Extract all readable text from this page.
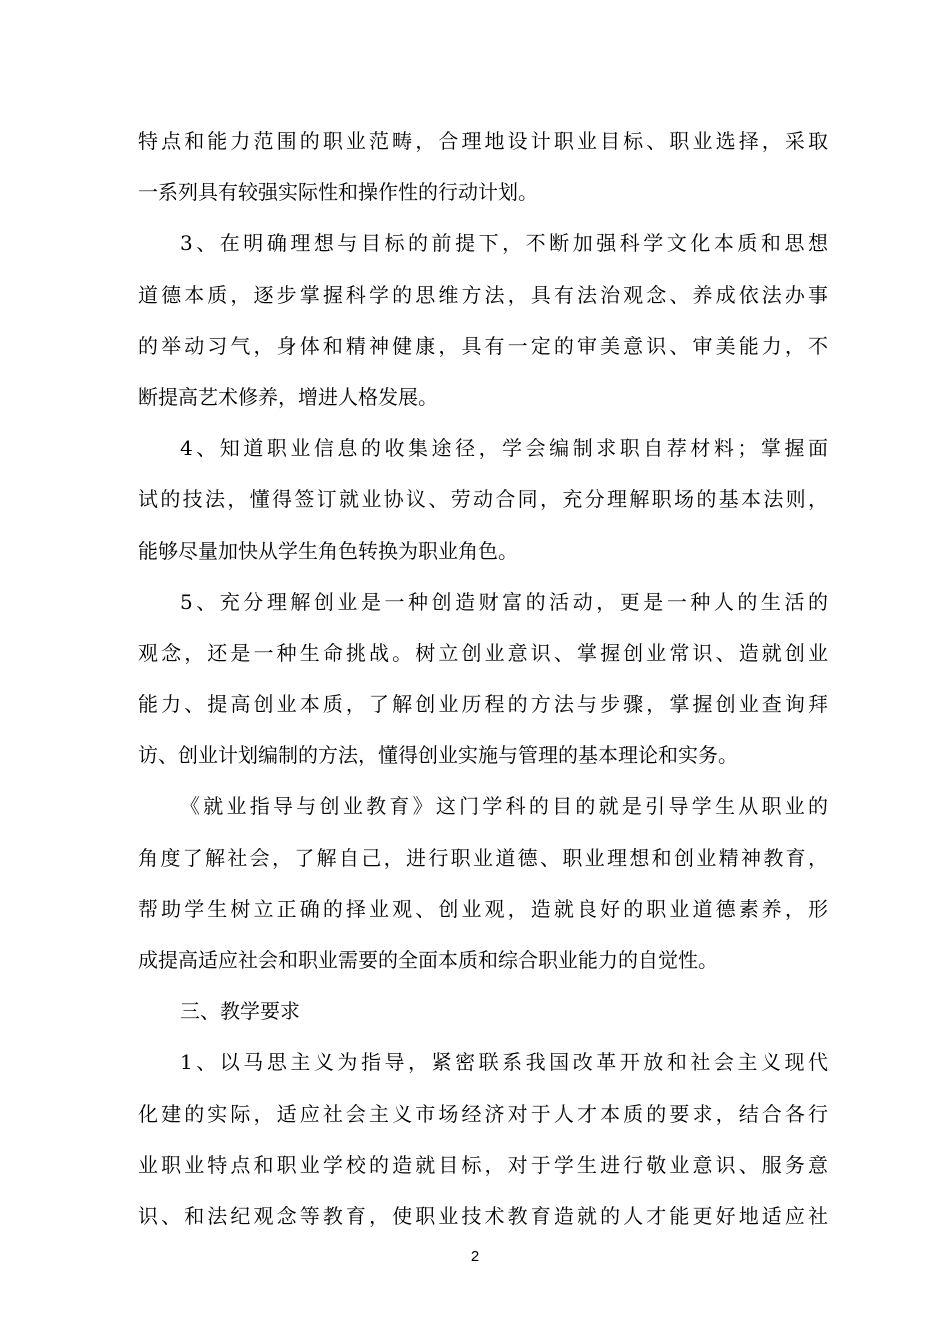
特点和能力范围的职业范畴，合理地设计职业目标、职业选择，采取
一系列具有较强实际性和操作性的行动计划。
3、在明确理想与目标的前提下，不断加强科学文化本质和思想
道德本质，逐步掌握科学的思维方法，具有法治观念、养成依法办事
的举动习气，身体和精神健康，具有一定的审美意识、审美能力，不
断提高艺术修养，增进人格发展。
4、知道职业信息的收集途径，学会编制求职自荐材料；掌握面
试的技法，懂得签订就业协议、劳动合同，充分理解职场的基本法则，
能够尽量加快从学生角色转换为职业角色。
5、充分理解创业是一种创造财富的活动，更是一种人的生活的
观念，还是一种生命挑战。树立创业意识、掌握创业常识、造就创业
能力、提高创业本质，了解创业历程的方法与步骤，掌握创业查询拜
访、创业计划编制的方法，懂得创业实施与管理的基本理论和实务。
《就业指导与创业教育》这门学科的目的就是引导学生从职业的
角度了解社会，了解自己，进行职业道德、职业理想和创业精神教育，
帮助学生树立正确的择业观、创业观，造就良好的职业道德素养，形
成提高适应社会和职业需要的全面本质和综合职业能力的自觉性。
三、教学要求
1、以马思主义为指导，紧密联系我国改革开放和社会主义现代
化建的实际，适应社会主义市场经济对于人才本质的要求，结合各行
业职业特点和职业学校的造就目标，对于学生进行敬业意识、服务意
识、和法纪观念等教育，使职业技术教育造就的人才能更好地适应社
2
